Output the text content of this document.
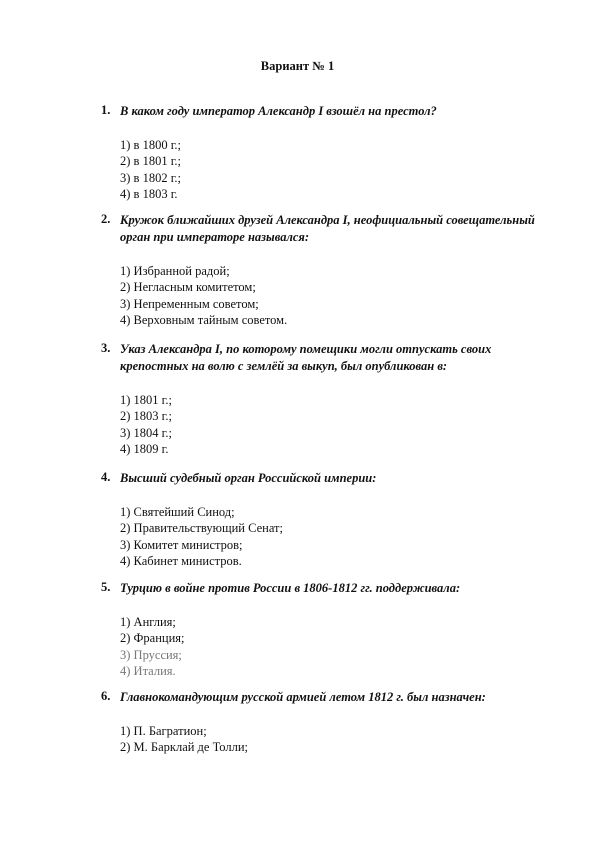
Вариант № 1
1. В каком году император Александр I взошёл на престол?
1) в 1800 г.;
2) в 1801 г.;
3) в 1802 г.;
4) в 1803 г.
2. Кружок ближайших друзей Александра I, неофициальный совещательный орган при императоре назывался:
1) Избранной радой;
2) Негласным комитетом;
3) Непременным советом;
4) Верховным тайным советом.
3. Указ Александра I, по которому помещики могли отпускать своих крепостных на волю с землёй за выкуп, был опубликован в:
1) 1801 г.;
2) 1803 г.;
3) 1804 г.;
4) 1809 г.
4. Высший судебный орган Российской империи:
1) Святейший Синод;
2) Правительствующий Сенат;
3) Комитет министров;
4) Кабинет министров.
5. Турцию в войне против России в 1806-1812 гг. поддерживала:
1) Англия;
2) Франция;
3) Пруссия;
4) Италия.
6. Главнокомандующим русской армией летом 1812 г. был назначен:
1) П. Багратион;
2) М. Барклай де Толли;
